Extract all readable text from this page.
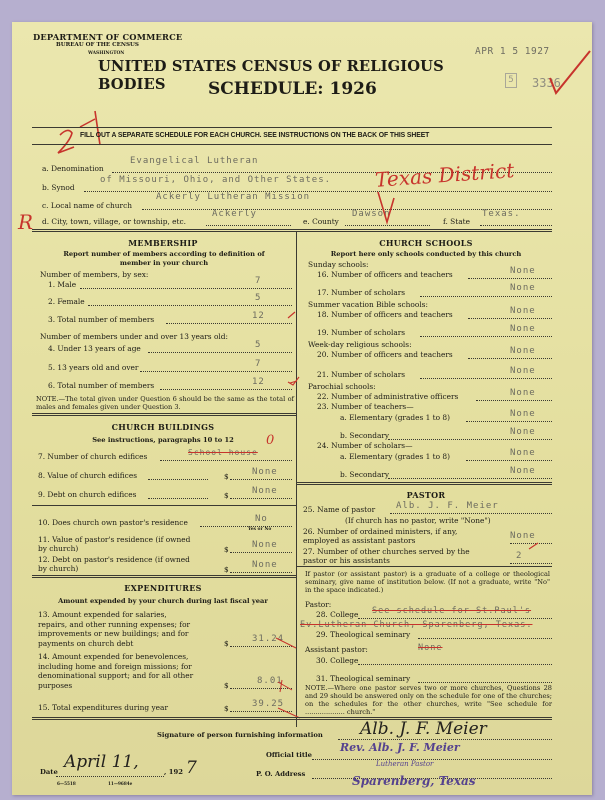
DEPARTMENT OF COMMERCE
BUREAU OF THE CENSUS
WASHINGTON
UNITED STATES CENSUS OF RELIGIOUS BODIES	SCHEDULE: 1926
APR 1 5 1927
5 3336
R
FILL OUT A SEPARATE SCHEDULE FOR EACH CHURCH. SEE INSTRUCTIONS ON THE BACK OF THIS SHEET
a. Denomination
Evangelical Lutheran
b. Synod
of Missouri, Ohio, and Other States. Texas District
c. Local name of church
Ackerly Lutheran Mission
d. City, town, village, or township, etc.
Ackerly
e. County
Dawson
f. State
Texas.
MEMBERSHIP
Report number of members according to definition of member in your church
Number of members, by sex:
1. Male	7
2. Female	5
3. Total number of members	12
Number of members under and over 13 years old:
4. Under 13 years of age	5
5. 13 years old and over	7
6. Total number of members	12
NOTE.—The total given under Question 6 should be the same as the total of males and females given under Question 3.
CHURCH BUILDINGS
See instructions, paragraphs 10 to 12
7. Number of church edifices	School house
0
8. Value of church edifices	$	None
9. Debt on church edifices	$	None
10. Does church own pastor's residence	No
Yes or No
11. Value of pastor's residence (if owned by church)	$	None
12. Debt on pastor's residence (if owned by church)	$	None
EXPENDITURES
Amount expended by your church during last fiscal year
13. Amount expended for salaries, repairs, and other running expenses; for improvements or new buildings; and for payments on church debt	$	31.24
14. Amount expended for benevolences, including home and foreign missions; for denominational support; and for all other purposes	$	8.01
15. Total expenditures during year	$	39.25
CHURCH SCHOOLS
Report here only schools conducted by this church
Sunday schools:
16. Number of officers and teachers	None
17. Number of scholars	None
Summer vacation Bible schools:
18. Number of officers and teachers	None
19. Number of scholars	None
Week-day religious schools:
20. Number of officers and teachers	None
21. Number of scholars	None
Parochial schools:
22. Number of administrative officers	None
23. Number of teachers—
a. Elementary (grades 1 to 8)	None
b. Secondary	None
24. Number of scholars—
a. Elementary (grades 1 to 8)	None
b. Secondary	None
PASTOR
25. Name of pastor Alb. J. F. Meier
(If church has no pastor, write "None")
26. Number of ordained ministers, if any, employed as assistant pastors	None
27. Number of other churches served by the pastor or his assistants	2
If pastor (or assistant pastor) is a graduate of a college or theological seminary, give name of institution below. (If not a graduate, write "No" in the space indicated.)
Pastor:
28. College See schedule for St.Paul's
Ev.Lutheran Church, Sparenberg, Texas.
29. Theological seminary
Assistant pastor:	None
30. College
31. Theological seminary
NOTE.—Where one pastor serves two or more churches, Questions 28 and 29 should be answered only on the schedule for one of the churches; on the schedules for the other churches, write "See schedule for ................... church."
Signature of person furnishing information Alb. J. F. Meier
Official title
Rev. Alb. J. F. Meier
Lutheran Pastor
P. O. Address	Sparenberg, Texas
Date April 11,	, 192 7
6—5518	11—9684e
